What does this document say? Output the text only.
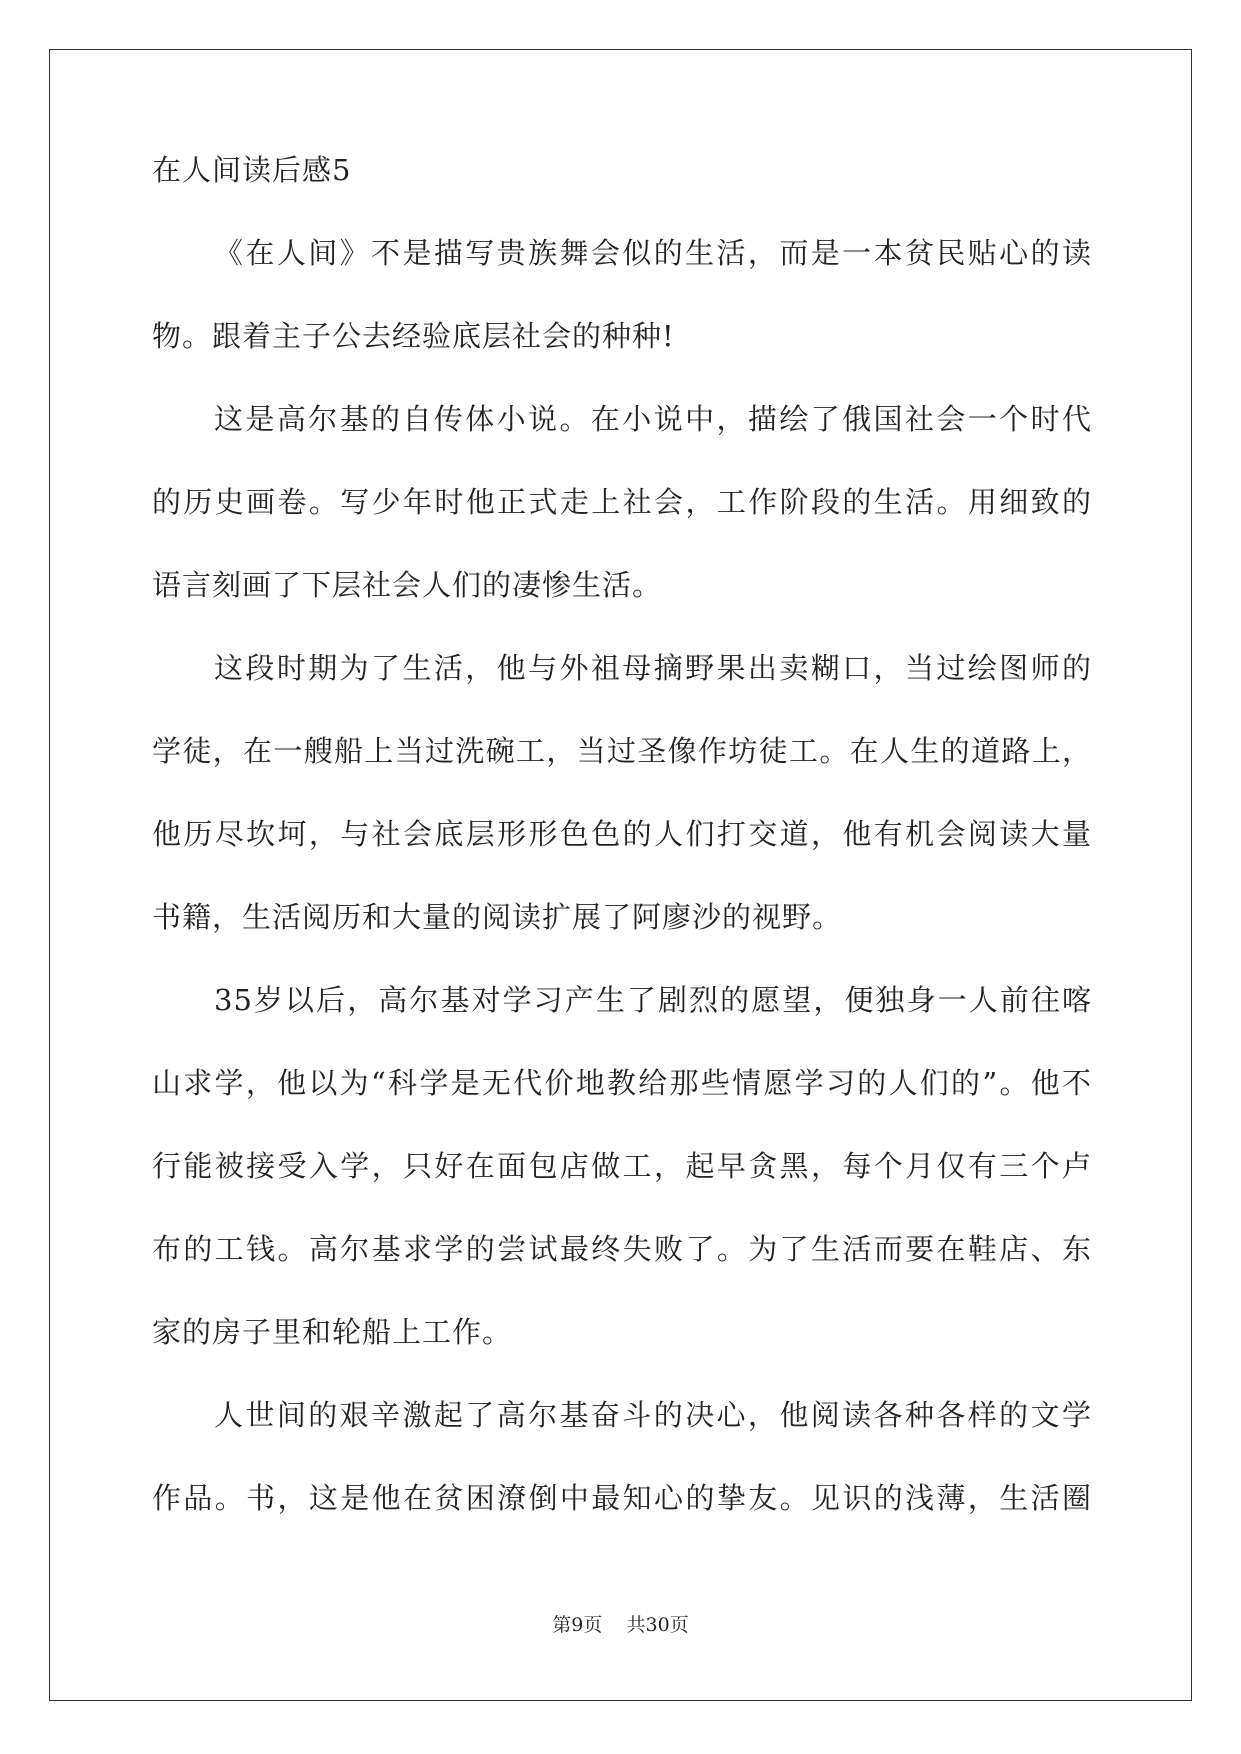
在人间读后感5
《在人间》不是描写贵族舞会似的生活，而是一本贫民贴心的读
物。跟着主子公去经验底层社会的种种!
这是高尔基的自传体小说。在小说中，描绘了俄国社会一个时代
的历史画卷。写少年时他正式走上社会，工作阶段的生活。用细致的
语言刻画了下层社会人们的凄惨生活。
这段时期为了生活，他与外祖母摘野果出卖糊口，当过绘图师的
学徒，在一艘船上当过洗碗工，当过圣像作坊徒工。在人生的道路上，
他历尽坎坷，与社会底层形形色色的人们打交道，他有机会阅读大量
书籍，生活阅历和大量的阅读扩展了阿廖沙的视野。
35岁以后，高尔基对学习产生了剧烈的愿望，便独身一人前往喀
山求学，他以为“科学是无代价地教给那些情愿学习的人们的”。他不
行能被接受入学，只好在面包店做工，起早贪黑，每个月仅有三个卢
布的工钱。高尔基求学的尝试最终失败了。为了生活而要在鞋店、东
家的房子里和轮船上工作。
人世间的艰辛激起了高尔基奋斗的决心，他阅读各种各样的文学
作品。书，这是他在贫困潦倒中最知心的挚友。见识的浅薄，生活圈
第9页 共30页
